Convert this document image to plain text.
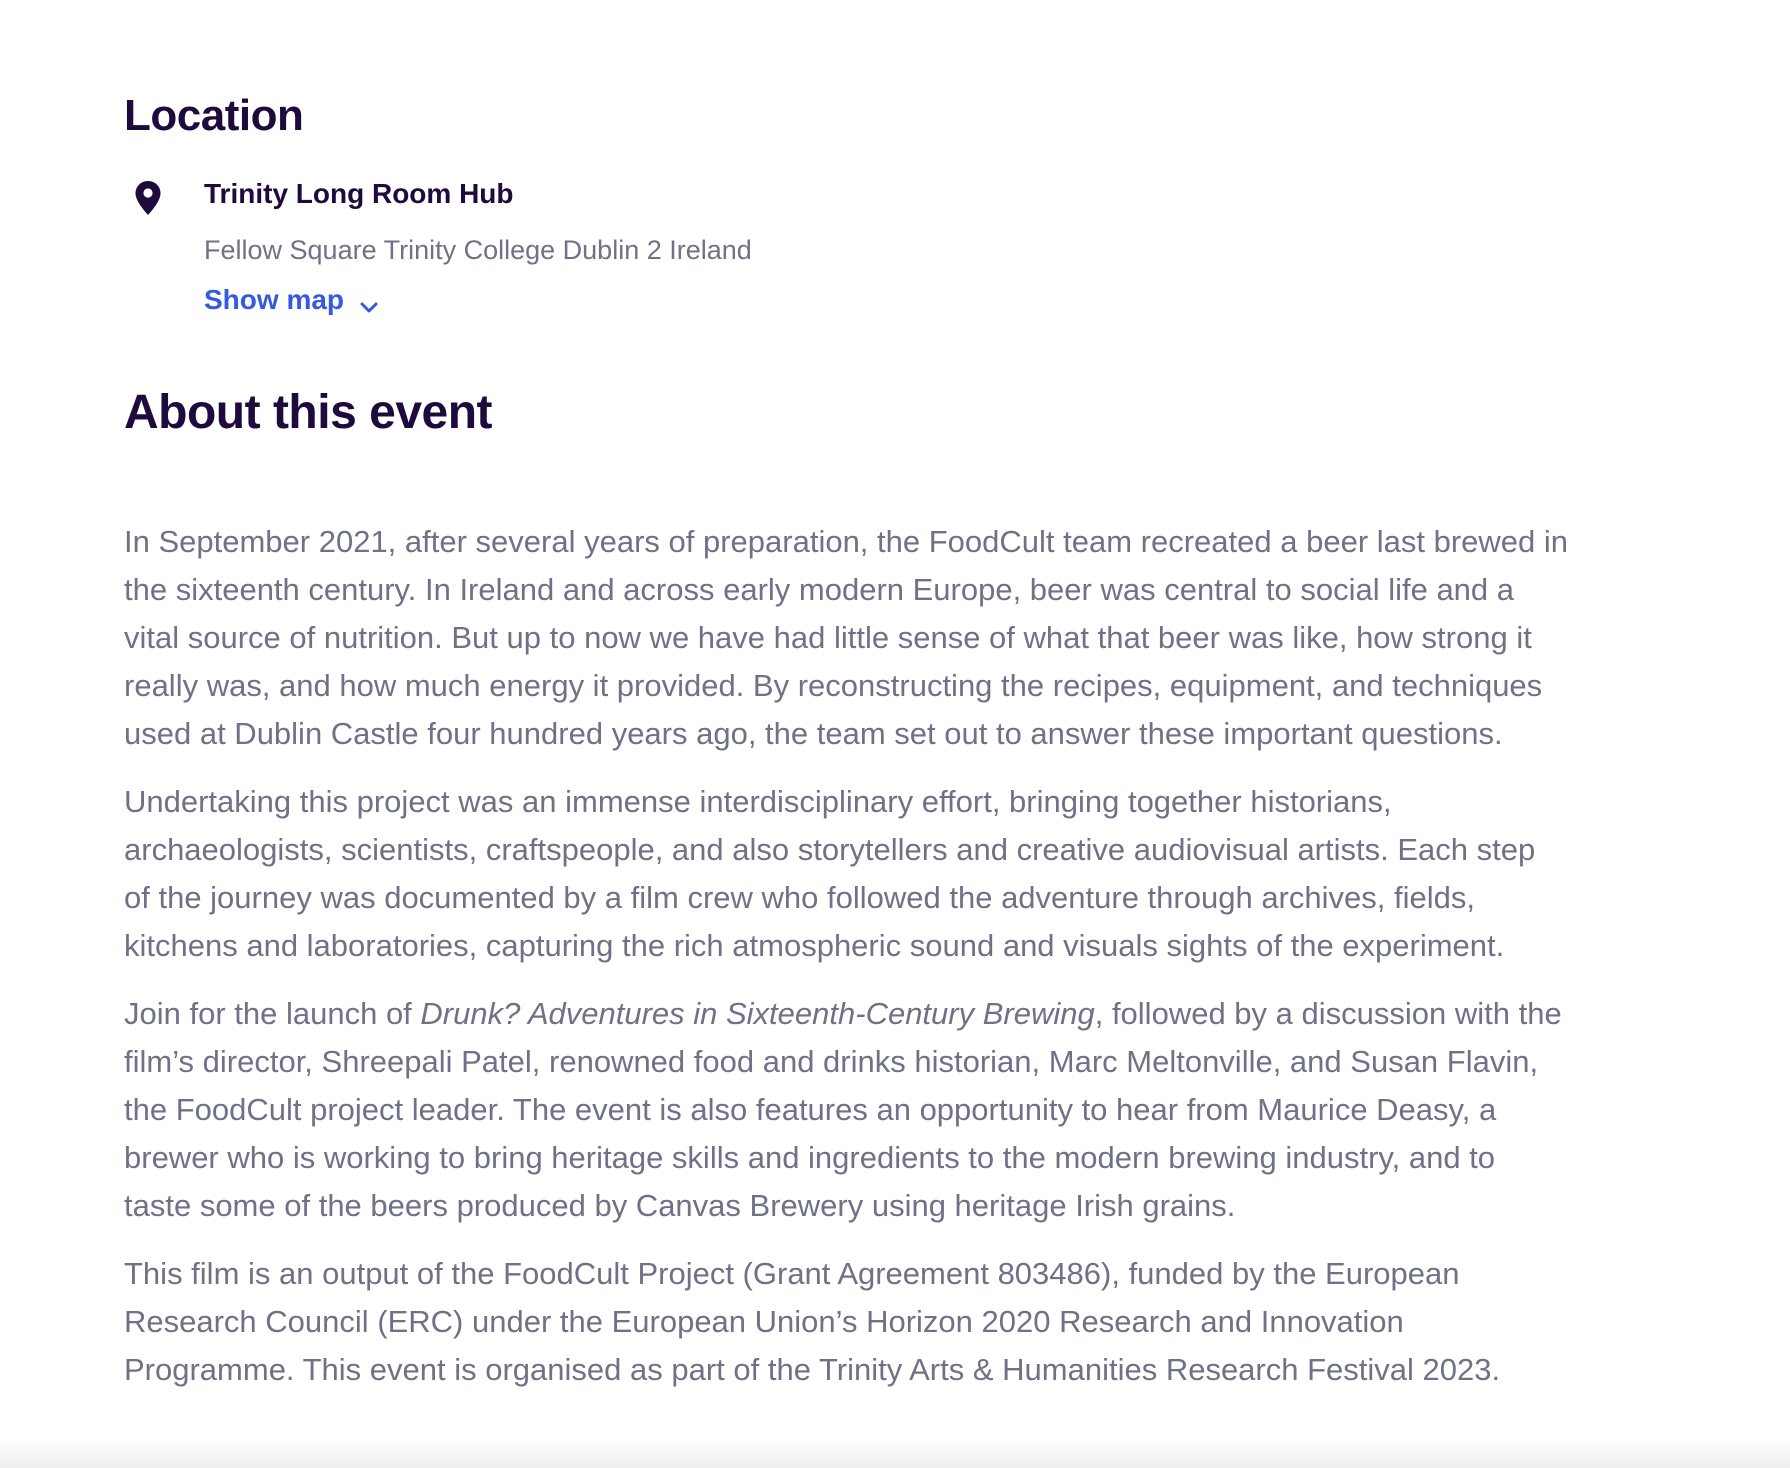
Location
Trinity Long Room Hub
Fellow Square Trinity College Dublin 2 Ireland
Show map
About this event

In September 2021, after several years of preparation, the FoodCult team recreated a beer last brewed in the sixteenth century. In Ireland and across early modern Europe, beer was central to social life and a vital source of nutrition. But up to now we have had little sense of what that beer was like, how strong it really was, and how much energy it provided. By reconstructing the recipes, equipment, and techniques used at Dublin Castle four hundred years ago, the team set out to answer these important questions.

Undertaking this project was an immense interdisciplinary effort, bringing together historians, archaeologists, scientists, craftspeople, and also storytellers and creative audiovisual artists. Each step of the journey was documented by a film crew who followed the adventure through archives, fields, kitchens and laboratories, capturing the rich atmospheric sound and visuals sights of the experiment.

Join for the launch of Drunk? Adventures in Sixteenth-Century Brewing, followed by a discussion with the film’s director, Shreepali Patel, renowned food and drinks historian, Marc Meltonville, and Susan Flavin, the FoodCult project leader. The event is also features an opportunity to hear from Maurice Deasy, a brewer who is working to bring heritage skills and ingredients to the modern brewing industry, and to taste some of the beers produced by Canvas Brewery using heritage Irish grains.

This film is an output of the FoodCult Project (Grant Agreement 803486), funded by the European Research Council (ERC) under the European Union’s Horizon 2020 Research and Innovation Programme. This event is organised as part of the Trinity Arts & Humanities Research Festival 2023.
